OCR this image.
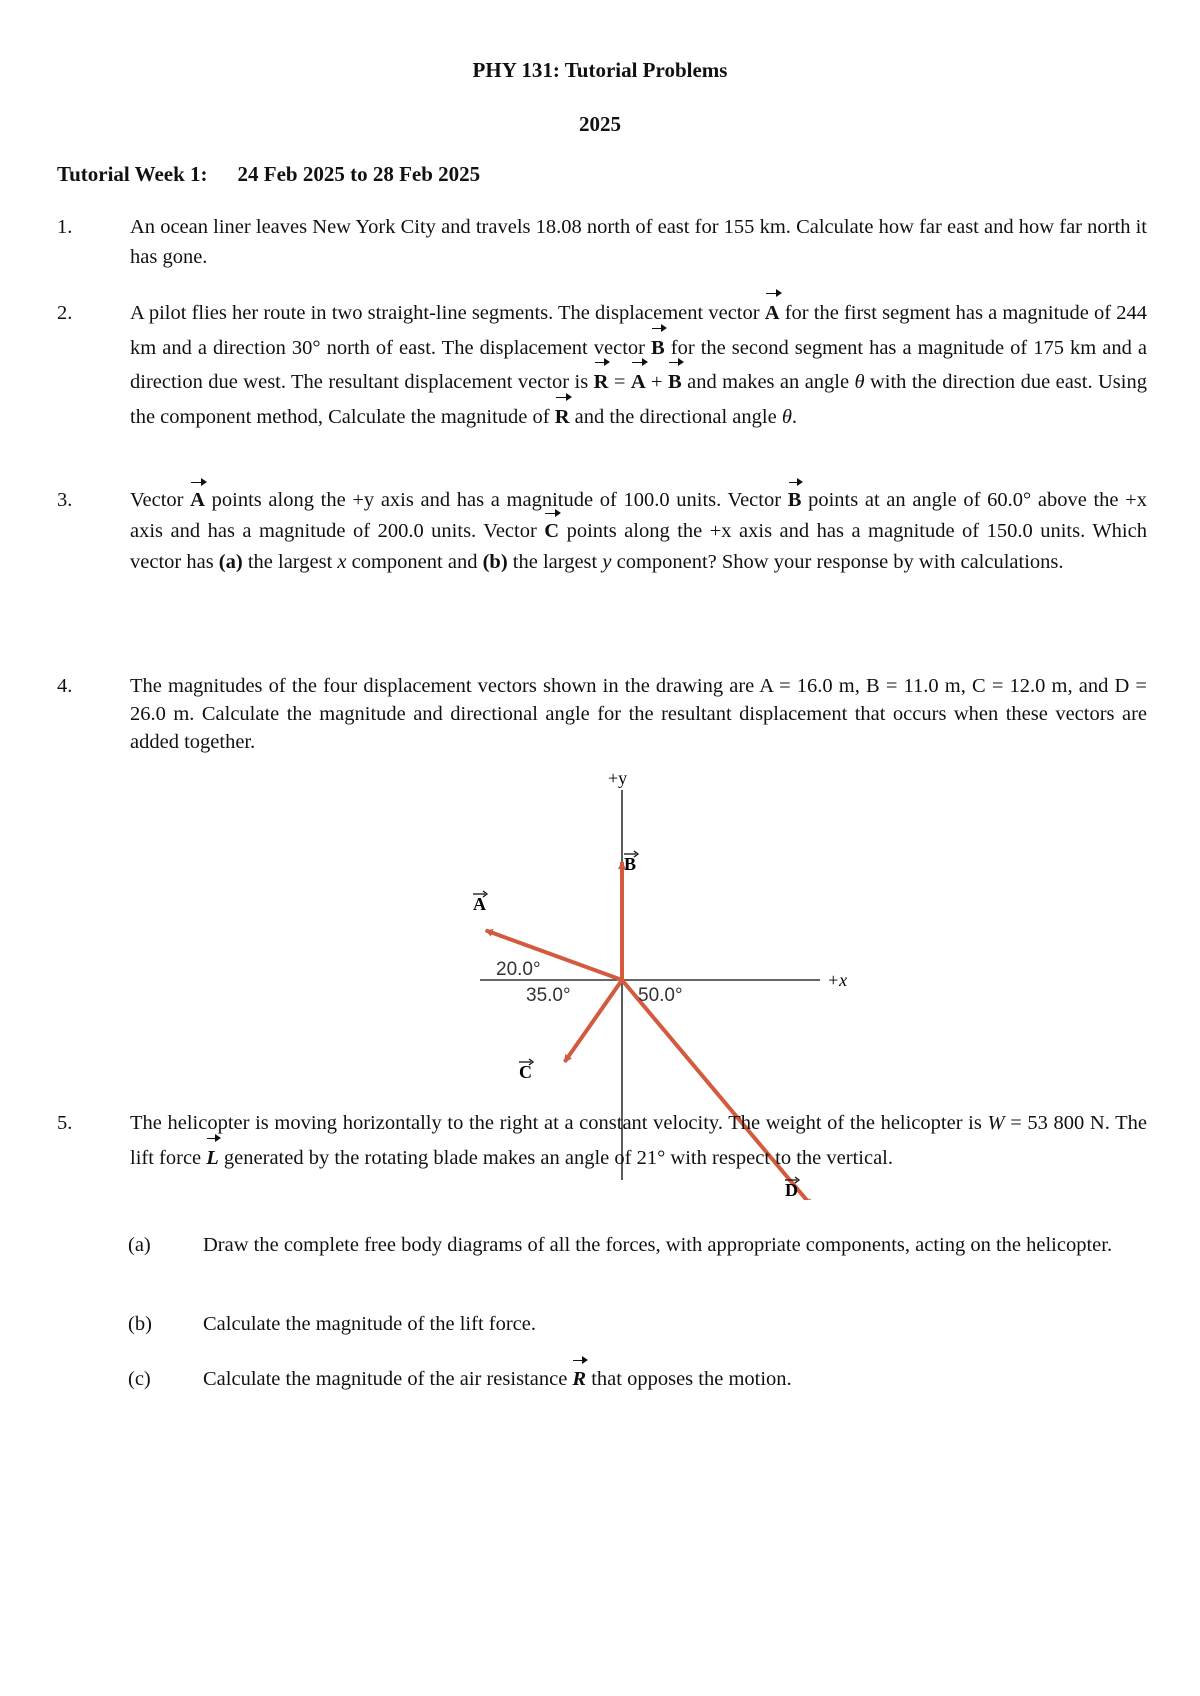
PHY 131: Tutorial Problems
2025
Tutorial Week 1: 24 Feb 2025 to 28 Feb 2025
1.	An ocean liner leaves New York City and travels 18.08 north of east for 155 km. Calculate how far east and how far north it has gone.
2.	A pilot flies her route in two straight-line segments. The displacement vector A for the first segment has a magnitude of 244 km and a direction 30° north of east. The displacement vector B for the second segment has a magnitude of 175 km and a direction due west. The resultant displacement vector is R = A + B and makes an angle θ with the direction due east. Using the component method, Calculate the magnitude of R and the directional angle θ.
3.	Vector A points along the +y axis and has a magnitude of 100.0 units. Vector B points at an angle of 60.0° above the +x axis and has a magnitude of 200.0 units. Vector C points along the +x axis and has a magnitude of 150.0 units. Which vector has (a) the largest x component and (b) the largest y component? Show your response by with calculations.
4.	The magnitudes of the four displacement vectors shown in the drawing are A = 16.0 m, B = 11.0 m, C = 12.0 m, and D = 26.0 m. Calculate the magnitude and directional angle for the resultant displacement that occurs when these vectors are added together.
+y
+x
20.0°
35.0°	50.0°
A
B
C
D
5.	The helicopter is moving horizontally to the right at a constant velocity. The weight of the helicopter is W = 53 800 N. The lift force L generated by the rotating blade makes an angle of 21° with respect to the vertical.
(a)	Draw the complete free body diagrams of all the forces, with appropriate components, acting on the helicopter.
(b) Calculate the magnitude of the lift force.
(c)	Calculate the magnitude of the air resistance R that opposes the motion.
